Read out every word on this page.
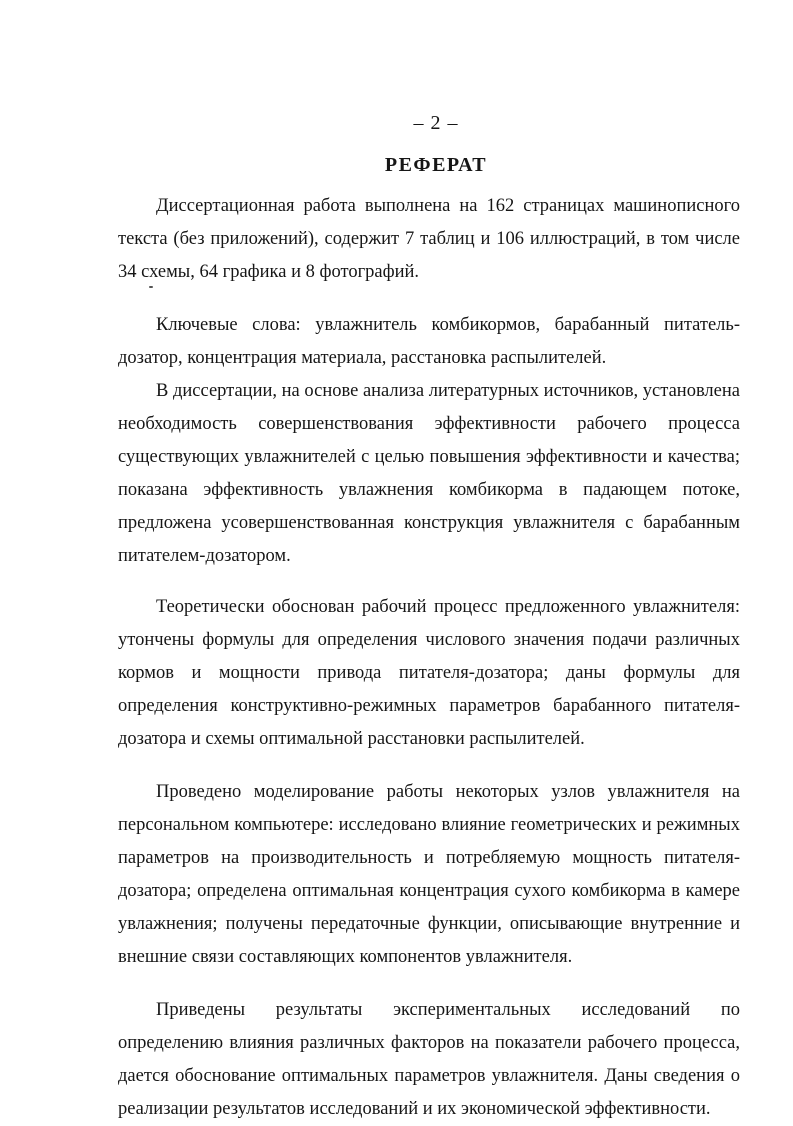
– 2 –
РЕФЕРАТ

Диссертационная работа выполнена на 162 страницах машинописного текста (без приложений), содержит 7 таблиц и 106 иллюстраций, в том числе 34 схемы, 64 графика и 8 фотографий.

Ключевые слова: увлажнитель комбикормов, барабанный питатель-дозатор, концентрация материала, расстановка распылителей.

В диссертации, на основе анализа литературных источников, установлена необходимость совершенствования эффективности рабочего процесса существующих увлажнителей с целью повышения эффективности и качества; показана эффективность увлажнения комбикорма в падающем потоке, предложена усовершенствованная конструкция увлажнителя с барабанным питателем-дозатором.

Теоретически обоснован рабочий процесс предложенного увлажнителя: утончены формулы для определения числового значения подачи различных кормов и мощности привода питателя-дозатора; даны формулы для определения конструктивно-режимных параметров барабанного питателя-дозатора и схемы оптимальной расстановки распылителей.

Проведено моделирование работы некоторых узлов увлажнителя на персональном компьютере: исследовано влияние геометрических и режимных параметров на производительность и потребляемую мощность питателя-дозатора; определена оптимальная концентрация сухого комбикорма в камере увлажнения; получены передаточные функции, описывающие внутренние и внешние связи составляющих компонентов увлажнителя.

Приведены результаты экспериментальных исследований по определению влияния различных факторов на показатели рабочего процесса, дается обоснование оптимальных параметров увлажнителя. Даны сведения о реализации результатов исследований и их экономической эффективности.
